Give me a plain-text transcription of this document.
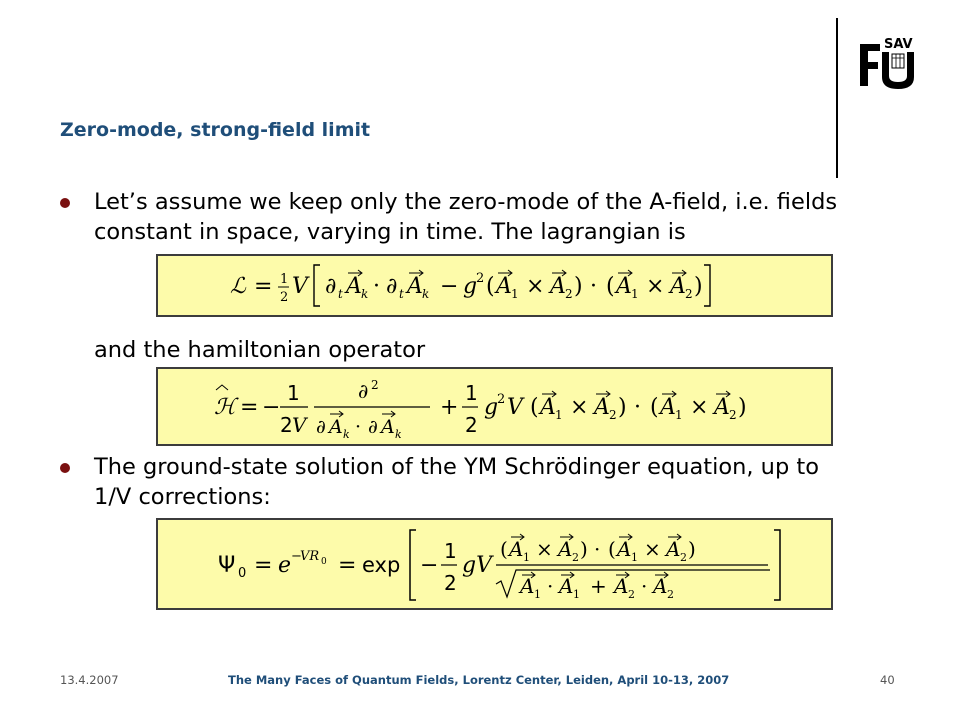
SAV
Zero-mode, strong-field limit
Let’s assume we keep only the zero-mode of the A-field, i.e. fields
constant in space, varying in time. The lagrangian is
ℒ = 1
2 V ∂ t A k · ∂ t A k − g
2 ( A 1 × A 2 ) · ( A 1 × A 2 )
and the hamiltonian operator
ℋ = −
1
2 V
∂ 2
∂ A k · ∂ A k
+
1
2
g
2 V ( A 1 × A 2 ) · ( A 1 × A 2 )
The ground-state solution of the YM Schrödinger equation, up to
1/V corrections:
Ψ 0 = e −
VR 0 = exp −
1
2
gV
( A 1 × A 2 ) · ( A 1 × A 2 )
A 1 · A 1 + A 2 · A 2
13.4.2007	The Many Faces of Quantum Fields, Lorentz Center, Leiden, April 10-13, 2007	40
